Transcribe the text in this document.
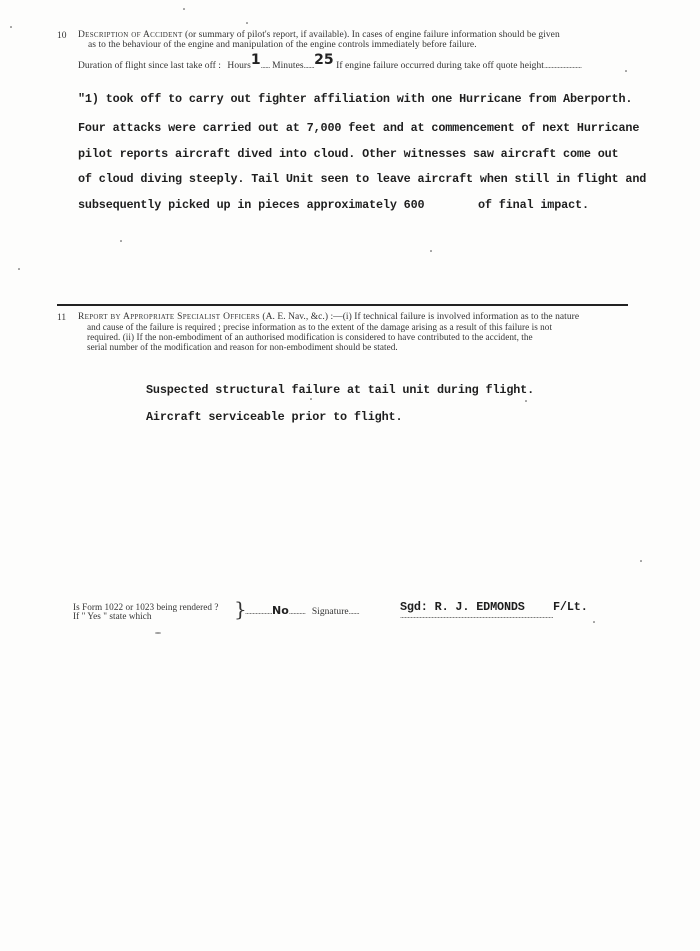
10 Description of Accident (or summary of pilot's report, if available). In cases of engine failure information should be given
as to the behaviour of the engine and manipulation of the engine controls immediately before failure.
Duration of flight since last take off : Hours1...... Minutes.......25 If engine failure occurred during take off quote height.........................
"1) took off to carry out fighter affiliation with one Hurricane from Aberporth.
Four attacks were carried out at 7,000 feet and at commencement of next Hurricane
pilot reports aircraft dived into cloud. Other witnesses saw aircraft come out
of cloud diving steeply. Tail Unit seen to leave aircraft when still in flight and
subsequently picked up in pieces approximately 600	of final impact.
11 Report by Appropriate Specialist Officers (A. E. Nav., &c.) :—(i) If technical failure is involved information as to the nature
and cause of the failure is required ; precise information as to the extent of the damage arising as a result of this failure is not
required. (ii) If the non-embodiment of an authorised modification is considered to have contributed to the accident, the
serial number of the modification and reason for non-embodiment should be stated.
Suspected structural failure at tail unit during flight.
Aircraft serviceable prior to flight.
Is Form 1022 or 1023 being rendered ?
If " Yes " state which	}
..................No........... Signature.......	Sgd: R. J. EDMONDS F/Lt.
......................................................................................................
